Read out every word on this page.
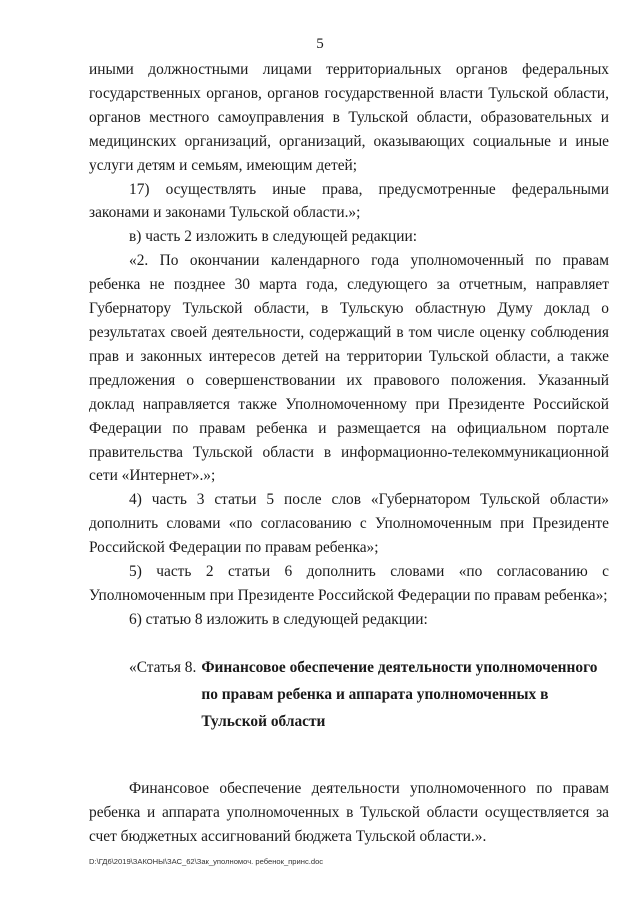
5

иными должностными лицами территориальных органов федеральных государственных органов, органов государственной власти Тульской области, органов местного самоуправления в Тульской области, образовательных и медицинских организаций, организаций, оказывающих социальные и иные услуги детям и семьям, имеющим детей;

17) осуществлять иные права, предусмотренные федеральными законами и законами Тульской области.»;

в) часть 2 изложить в следующей редакции:

«2. По окончании календарного года уполномоченный по правам ребенка не позднее 30 марта года, следующего за отчетным, направляет Губернатору Тульской области, в Тульскую областную Думу доклад о результатах своей деятельности, содержащий в том числе оценку соблюдения прав и законных интересов детей на территории Тульской области, а также предложения о совершенствовании их правового положения. Указанный доклад направляется также Уполномоченному при Президенте Российской Федерации по правам ребенка и размещается на официальном портале правительства Тульской области в информационно-телекоммуникационной сети «Интернет».»;

4) часть 3 статьи 5 после слов «Губернатором Тульской области» дополнить словами «по согласованию с Уполномоченным при Президенте Российской Федерации по правам ребенка»;

5) часть 2 статьи 6 дополнить словами «по согласованию с Уполномоченным при Президенте Российской Федерации по правам ребенка»;

6) статью 8 изложить в следующей редакции:

«Статья 8. Финансовое обеспечение деятельности уполномоченного по правам ребенка и аппарата уполномоченных в Тульской области

Финансовое обеспечение деятельности уполномоченного по правам ребенка и аппарата уполномоченных в Тульской области осуществляется за счет бюджетных ассигнований бюджета Тульской области.».

D:\ГД6\2019\ЗАКОНЫ\ЗАС_62\Зак_уполномоч. ребенок_принс.doc
